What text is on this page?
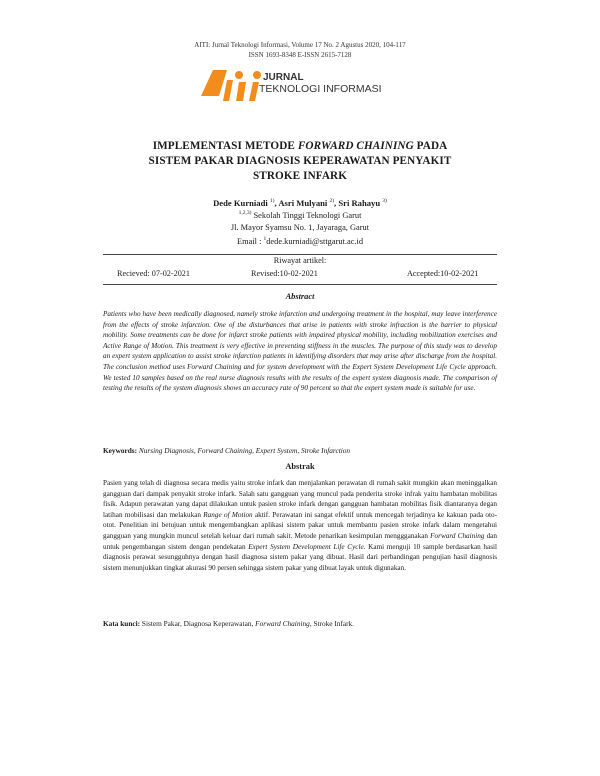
AITI: Jurnal Teknologi Informasi, Volume 17 No. 2 Agustus 2020, 104-117
ISSN 1693-8348 E-ISSN 2615-7128
JURNAL
TEKNOLOGI INFORMASI
IMPLEMENTASI METODE FORWARD CHAINING PADA
SISTEM PAKAR DIAGNOSIS KEPERAWATAN PENYAKIT
STROKE INFARK
Dede Kurniadi $^{1)}$, Asri Mulyani $^{2)}$, Sri Rahayu $^{3)}$
$^{1,2,3)}$ Sekolah Tinggi Teknologi Garut
Jl. Mayor Syamsu No. 1, Jayaraga, Garut
Email : $^1$dede.kurniadi@sttgarut.ac.id
Riwayat artikel:
Recieved: 07-02-2021	Revised:10-02-2021	Accepted:10-02-2021
Abstract
Patients who have been medically diagnosed, namely stroke infarction and undergoing treatment in the hospital, may leave interference from the effects of stroke infarction. One of the disturbances that arise in patients with stroke infraction is the barrier to physical mobility. Some treatments can be done for infarct stroke patients with impaired physical mobility, including mobilization exercises and Active Range of Motion. This treatment is very effective in preventing stiffness in the muscles. The purpose of this study was to develop an expert system application to assist stroke infarction patients in identifying disorders that may arise after discharge from the hospital. The conclusion method uses Forward Chaining and for system development with the Expert System Development Life Cycle approach. We tested 10 samples based on the real nurse diagnosis results with the results of the expert system diagnosis made. The comparison of testing the results of the system diagnosis shows an accuracy rate of 90 percent so that the expert system made is suitable for use.
Keywords: Nursing Diagnosis, Forward Chaining, Expert System, Stroke Infarction
Abstrak
Pasien yang telah di diagnosa secara medis yaitu stroke infark dan menjalankan perawatan di rumah sakit mungkin akan meninggalkan gangguan dari dampak penyakit stroke infark. Salah satu gangguan yang muncul pada penderita stroke infrak yaitu hambatan mobilitas fisik. Adapun perawatan yang dapat dilakukan untuk pasien stroke infark dengan gangguan hambatan mobilitas fisik diantaranya degan latihan mobilisasi dan melakukan Range of Motion aktif. Perawatan ini sangat efektif untuk mencegah terjadinya ke kakuan pada oto-otot. Penelitian ini betujuan untuk mengembangkan aplikasi sistem pakar untuk membantu pasien stroke infark dalam mengetahui gangguan yang mungkin muncul setelah keluar dari rumah sakit. Metode penarikan kesimpulan menggganakan Forward Chaining dan untuk pengembangan sistem dengan pendekatan Expert System Development Life Cycle. Kami menguji 10 sample berdasarkan hasil diagnosis perawat sesungguhnya dengan hasil diagnosa sistem pakar yang dibuat. Hasil dari perbandingan pengujian hasil diagnosis sistem menunjukkan tingkat akurasi 90 persen sehingga sistem pakar yang dibuat layak untuk digunakan.
Kata kunci: Sistem Pakar, Diagnosa Keperawatan, Forward Chaining, Stroke Infark.
